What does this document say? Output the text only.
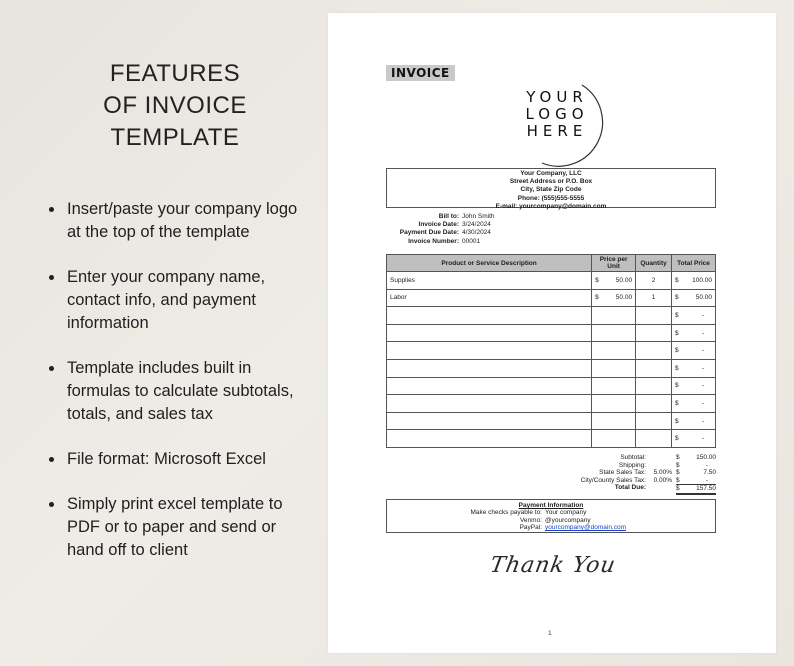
FEATURES
OF INVOICE
TEMPLATE
Insert/paste your company logo at the top of the template
Enter your company name, contact info, and payment information
Template includes built in formulas to calculate subtotals, totals, and sales tax
File format: Microsoft Excel
Simply print excel template to PDF or to paper and send or hand off to client
INVOICE
YOUR
LOGO
HERE
Your Company, LLC
Street Address or P.O. Box
City, State Zip Code
Phone: (555)555-5555
E-mail: yourcompany@domain.com
Bill to: John Smith
Invoice Date: 3/24/2024
Payment Due Date: 4/30/2024
Invoice Number: 00001
Product or Service Description	Price per Unit	Quantity	Total Price
Supplies	$ 50.00	2	$ 100.00

Labor	$ 50.00	1	$ 50.00

			$ -

			$ -

			$ -

			$ -

			$ -

			$ -

			$ -

			$ -
Subtotal:	$	150.00
Shipping:	$	-
State Sales Tax:	5.00% $	7.50
City/County Sales Tax:	0.00% $	-
Total Due:	$	157.50
Payment Information
Make checks payable to: Your company
Venmo: @yourcompany
PayPal: yourcompany@domain.com
Thank You
1
